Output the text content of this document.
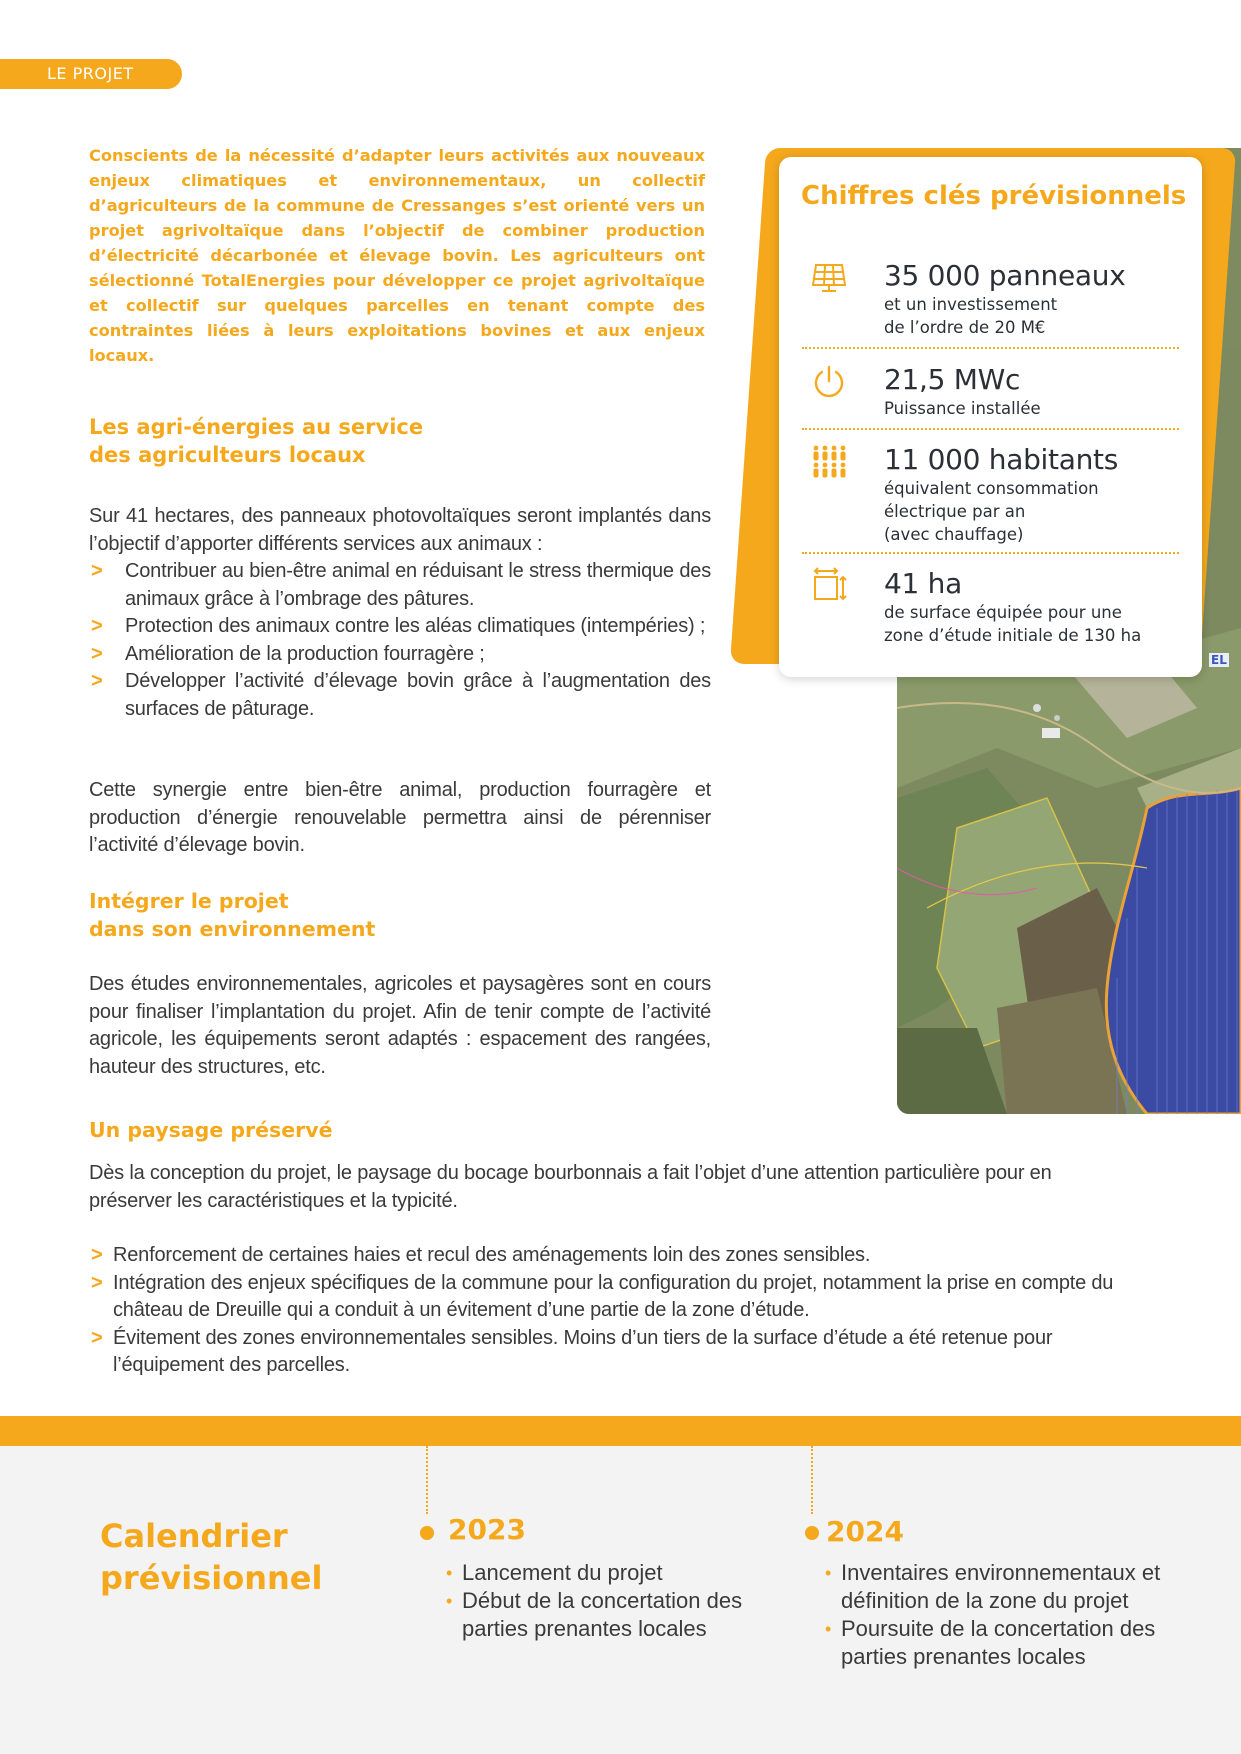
LE PROJET

Conscients de la nécessité d’adapter leurs activités aux nouveaux enjeux climatiques et environnementaux, un collectif d’agriculteurs de la commune de Cressanges s’est orienté vers un projet agrivoltaïque dans l’objectif de combiner production d’électricité décarbonée et élevage bovin. Les agriculteurs ont sélectionné TotalEnergies pour développer ce projet agrivoltaïque et collectif sur quelques parcelles en tenant compte des contraintes liées à leurs exploitations bovines et aux enjeux locaux.

Les agri-énergies au service
des agriculteurs locaux
Sur 41 hectares, des panneaux photovoltaïques seront implantés dans l’objectif d’apporter différents services aux animaux :
> Contribuer au bien-être animal en réduisant le stress thermique des animaux grâce à l’ombrage des pâtures.
> Protection des animaux contre les aléas climatiques (intempéries) ;
> Amélioration de la production fourragère ;
> Développer l’activité d’élevage bovin grâce à l’augmentation des surfaces de pâturage.

Cette synergie entre bien-être animal, production fourragère et production d’énergie renouvelable permettra ainsi de pérenniser l’activité d’élevage bovin.

Intégrer le projet
dans son environnement

Des études environnementales, agricoles et paysagères sont en cours pour finaliser l’implantation du projet. Afin de tenir compte de l’activité agricole, les équipements seront adaptés : espacement des rangées, hauteur des structures, etc.

Un paysage préservé

Dès la conception du projet, le paysage du bocage bourbonnais a fait l’objet d’une attention particulière pour en préserver les caractéristiques et la typicité.

> Renforcement de certaines haies et recul des aménagements loin des zones sensibles.
> Intégration des enjeux spécifiques de la commune pour la configuration du projet, notamment la prise en compte du château de Dreuille qui a conduit à un évitement d’une partie de la zone d’étude.
> Évitement des zones environnementales sensibles. Moins d’un tiers de la surface d’étude a été retenue pour l’équipement des parcelles.
EL
Chiffres clés prévisionnels
35 000 panneaux
et un investissement
de l’ordre de 20 M€
21,5 MWc
Puissance installée
11 000 habitants
équivalent consommation
électrique par an
(avec chauffage)
41 ha
de surface équipée pour une
zone d’étude initiale de 130 ha
Calendrier
prévisionnel
2023
• Lancement du projet
• Début de la concertation des parties prenantes locales
2024
• Inventaires environnementaux et définition de la zone du projet
• Poursuite de la concertation des parties prenantes locales
